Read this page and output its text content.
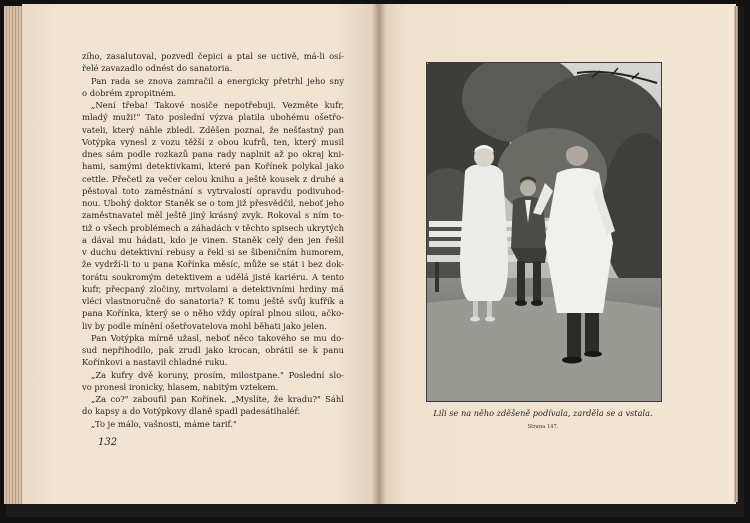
zího, zasalutoval, pozvedl čepici a ptal se uctivě, má-li osí-
řelé zavazadlo odnést do sanatoria.
Pan rada se znova zamračil a energicky přetrhl jeho sny
o dobrém zpropitném.
„Není třeba! Takové nosiče nepotřebuji. Vezměte kufr,
mladý muži!" Tato poslední výzva platila ubohému ošetřo-
vateli, který náhle zbledl. Zděšen poznal, že nešťastný pan
Votýpka vynesl z vozu těžší z obou kufrů, ten, který musil
dnes sám podle rozkazů pana rady naplnit až po okraj kni-
hami, samými detektivkami, které pan Kořínek polykal jako
cettle. Přečetl za večer celou knihu a ještě kousek z druhé a
pěstoval toto zaměstnání s vytrvalostí opravdu podivuhod-
nou. Ubohý doktor Staněk se o tom již přesvědčil, neboť jeho
zaměstnavatel měl ještě jiný krásný zvyk. Rokoval s ním to-
tiž o všech problémech a záhadách v těchto spisech ukrytých
a dával mu hádati, kdo je vinen. Staněk celý den jen řešil
v duchu detektivní rebusy a řekl si se šibeničním humorem,
že vydrží-li to u pana Kořínka měsíc, může se stát i bez dok-
torátu soukromým detektivem a udělá jisté kariéru. A tento
kufr, přecpaný zločiny, mrtvolami a detektivními hrdiny má
vléci vlastnoručně do sanatoria? K tomu ještě svůj kufřík a
pana Kořínka, který se o něho vždy opíral plnou silou, ačko-
liv by podle mínění ošetřovatelova mohl běhati jako jelen.
Pan Votýpka mírně užasl, neboť něco takového se mu do-
sud nepřihodilo, pak zrudl jako krocan, obrátil se k panu
Kořínkovi a nastavil chladné ruku.
„Za kufry dvě koruny, prosím, milostpane." Poslední slo-
vo pronesl ironicky, hlasem, nabitým vztekem.
„Za co?" zaboufil pan Kořínek. „Myslíte, že kradu?" Sáhl
do kapsy a do Votýpkovy dlaně spadl padesátihaléř.
„To je málo, vašnosti, máme tarif."
132
Lili se na něho zděšeně podívala, zarděla se a vstala.
Strana 147.
